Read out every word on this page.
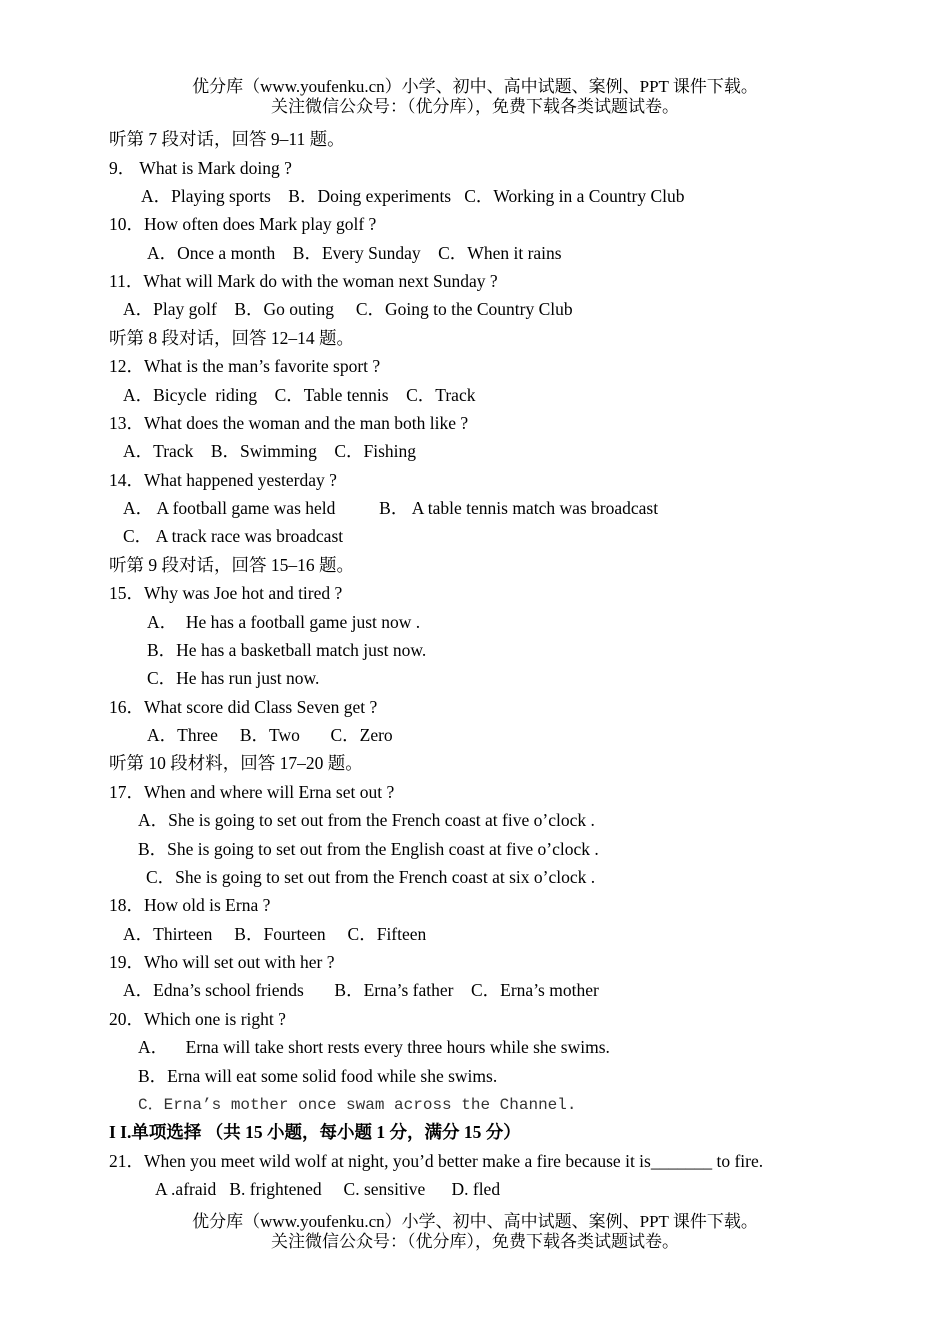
优分库（www.youfenku.cn）小学、初中、高中试题、案例、PPT 课件下载。
关注微信公众号：（优分库），免费下载各类试题试卷。
听第 7 段对话，回答 9–11 题。
9． What is Mark doing ?
A．Playing sports    B．Doing experiments   C．Working in a Country Club
10．How often does Mark play golf ?
A．Once a month    B．Every Sunday    C．When it rains
11．What will Mark do with the woman next Sunday ?
A．Play golf    B．Go outing     C．Going to the Country Club
听第 8 段对话，回答 12–14 题。
12．What is the man’s favorite sport ?
A．Bicycle  riding    C．Table tennis    C．Track
13．What does the woman and the man both like ?
A．Track    B．Swimming    C．Fishing
14．What happened yesterday ?
A． A football game was held          B． A table tennis match was broadcast
C． A track race was broadcast
听第 9 段对话，回答 15–16 题。
15．Why was Joe hot and tired ?
A．  He has a football game just now .
B．He has a basketball match just now.
C．He has run just now.
16．What score did Class Seven get ?
A．Three     B．Two       C．Zero
听第 10 段材料，回答 17–20 题。
17．When and where will Erna set out ?
A．She is going to set out from the French coast at five o’clock .
B．She is going to set out from the English coast at five o’clock .
C．She is going to set out from the French coast at six o’clock .
18．How old is Erna ?
A．Thirteen     B．Fourteen     C．Fifteen
19．Who will set out with her ?
A．Edna’s school friends       B．Erna’s father    C．Erna’s mother
20．Which one is right ?
A．    Erna will take short rests every three hours while she swims.
B．Erna will eat some solid food while she swims.
C．Erna’s mother once swam across the Channel.
I I.单项选择 （共 15 小题，每小题 1 分，满分 15 分）
21．When you meet wild wolf at night, you’d better make a fire because it is_______ to fire.
A .afraid   B. frightened     C. sensitive      D. fled
优分库（www.youfenku.cn）小学、初中、高中试题、案例、PPT 课件下载。
关注微信公众号：（优分库），免费下载各类试题试卷。
